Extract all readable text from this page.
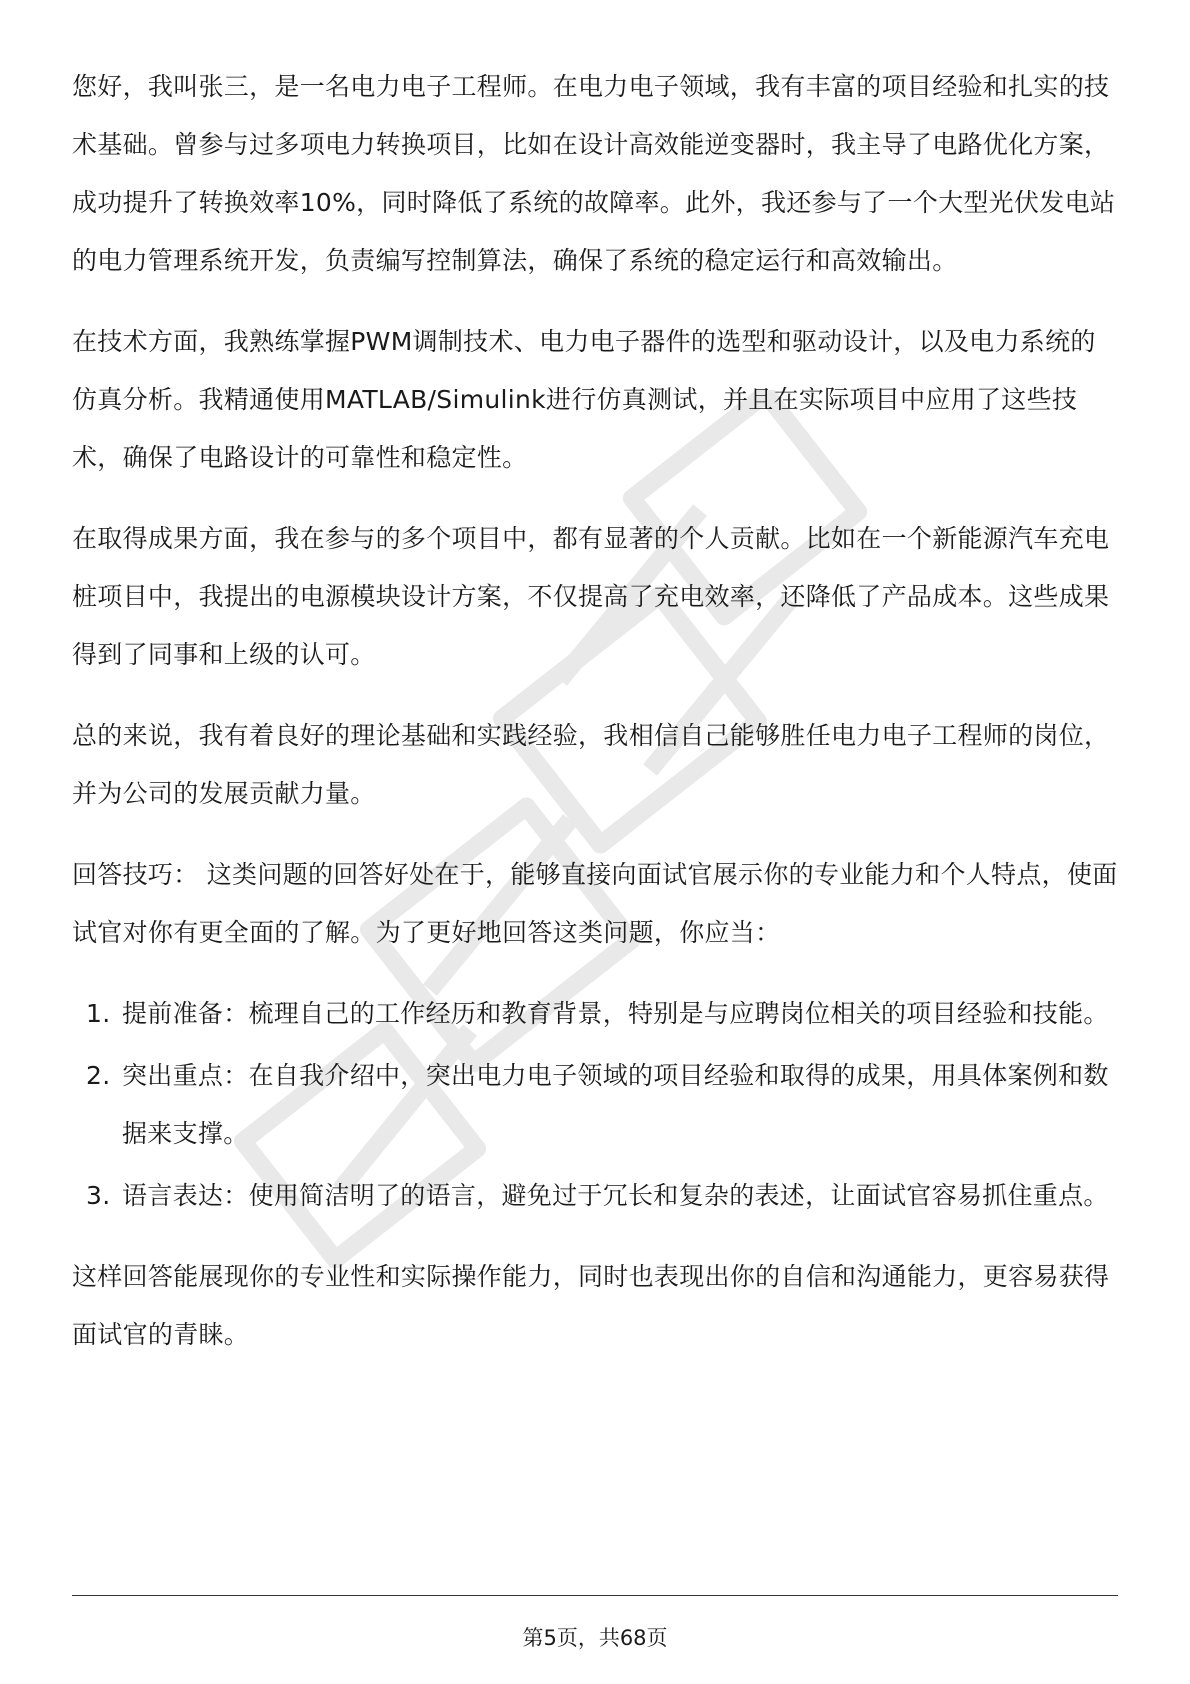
您好，我叫张三，是一名电力电子工程师。在电力电子领域，我有丰富的项目经验和扎实的技术基础。曾参与过多项电力转换项目，比如在设计高效能逆变器时，我主导了电路优化方案，成功提升了转换效率10%，同时降低了系统的故障率。此外，我还参与了一个大型光伏发电站的电力管理系统开发，负责编写控制算法，确保了系统的稳定运行和高效输出。

在技术方面，我熟练掌握PWM调制技术、电力电子器件的选型和驱动设计，以及电力系统的仿真分析。我精通使用MATLAB/Simulink进行仿真测试，并且在实际项目中应用了这些技术，确保了电路设计的可靠性和稳定性。

在取得成果方面，我在参与的多个项目中，都有显著的个人贡献。比如在一个新能源汽车充电桩项目中，我提出的电源模块设计方案，不仅提高了充电效率，还降低了产品成本。这些成果得到了同事和上级的认可。

总的来说，我有着良好的理论基础和实践经验，我相信自己能够胜任电力电子工程师的岗位，并为公司的发展贡献力量。

回答技巧： 这类问题的回答好处在于，能够直接向面试官展示你的专业能力和个人特点，使面试官对你有更全面的了解。为了更好地回答这类问题，你应当：

1. 提前准备：梳理自己的工作经历和教育背景，特别是与应聘岗位相关的项目经验和技能。
2. 突出重点：在自我介绍中，突出电力电子领域的项目经验和取得的成果，用具体案例和数据来支撑。
3. 语言表达：使用简洁明了的语言，避免过于冗长和复杂的表述，让面试官容易抓住重点。

这样回答能展现你的专业性和实际操作能力，同时也表现出你的自信和沟通能力，更容易获得面试官的青睐。

第5页，共68页
